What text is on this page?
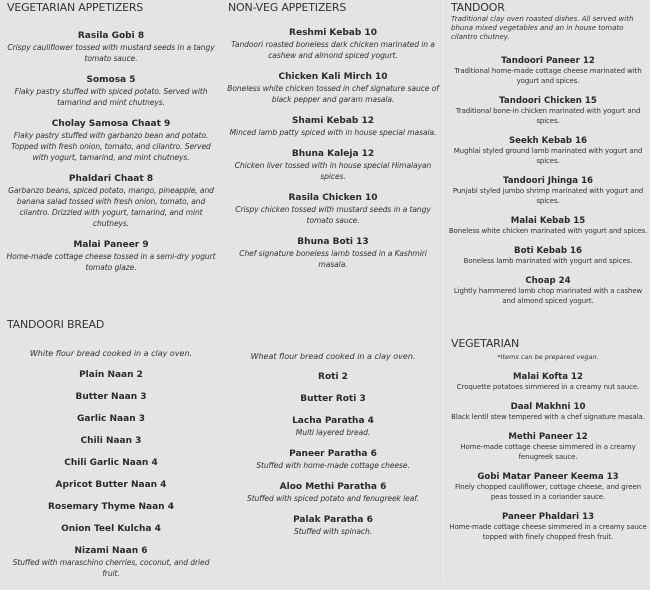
VEGETARIAN APPETIZERS
Rasila Gobi 8
Crispy cauliflower tossed with mustard seeds in a tangy tomato sauce.
Somosa 5
Flaky pastry stuffed with spiced potato. Served with tamarind and mint chutneys.
Cholay Samosa Chaat 9
Flaky pastry stuffed with garbanzo bean and potato. Topped with fresh onion, tomato, and cilantro. Served with yogurt, tamarind, and mint chutneys.
Phaldari Chaat 8
Garbanzo beans, spiced potato, mango, pineapple, and banana salad tossed with fresh onion, tomato, and cilantro. Drizzled with yogurt, tamarind, and mint chutneys.
Malai Paneer 9
Home-made cottage cheese tossed in a semi-dry yogurt tomato glaze.
TANDOORI BREAD
White flour bread cooked in a clay oven.
Plain Naan 2
Butter Naan 3
Garlic Naan 3
Chili Naan 3
Chili Garlic Naan 4
Apricot Butter Naan 4
Rosemary Thyme Naan 4
Onion Teel Kulcha 4
Nizami Naan 6
Stuffed with maraschino cherries, coconut, and dried fruit.
NON-VEG APPETIZERS
Reshmi Kebab 10
Tandoori roasted boneless dark chicken marinated in a cashew and almond spiced yogurt.
Chicken Kali Mirch 10
Boneless white chicken tossed in chef signature sauce of black pepper and garam masala.
Shami Kebab 12
Minced lamb patty spiced with in house special masala.
Bhuna Kaleja 12
Chicken liver tossed with in house special Himalayan spices.
Rasila Chicken 10
Crispy chicken tossed with mustard seeds in a tangy tomato sauce.
Bhuna Boti 13
Chef signature boneless lamb tossed in a Kashmiri masala.
Wheat flour bread cooked in a clay oven.
Roti 2
Butter Roti 3
Lacha Paratha 4
Multi layered bread.
Paneer Paratha 6
Stuffed with home-made cottage cheese.
Aloo Methi Paratha 6
Stuffed with spiced potato and fenugreek leaf.
Palak Paratha 6
Stuffed with spinach.
TANDOOR
Traditional clay oven roasted dishes. All served with bhuna mixed vegetables and an in house tomato cilantro chutney.
Tandoori Paneer 12
Traditional home-made cottage cheese marinated with yogurt and spices.
Tandoori Chicken 15
Traditional bone-in chicken marinated with yogurt and spices.
Seekh Kebab 16
Mughlai styled ground lamb marinated with yogurt and spices.
Tandoori Jhinga 16
Punjabi styled jumbo shrimp marinated with yogurt and spices.
Malai Kebab 15
Boneless white chicken marinated with yogurt and spices.
Boti Kebab 16
Boneless lamb marinated with yogurt and spices.
Choap 24
Lightly hammered lamb chop marinated with a cashew and almond spiced yogurt.
VEGETARIAN
*Items can be prepared vegan.
Malai Kofta 12
Croquette potatoes simmered in a creamy nut sauce.
Daal Makhni 10
Black lentil stew tempered with a chef signature masala.
Methi Paneer 12
Home-made cottage cheese simmered in a creamy fenugreek sauce.
Gobi Matar Paneer Keema 13
Finely chopped cauliflower, cottage cheese, and green peas tossed in a coriander sauce.
Paneer Phaldari 13
Home-made cottage cheese simmered in a creamy sauce topped with finely chopped fresh fruit.
